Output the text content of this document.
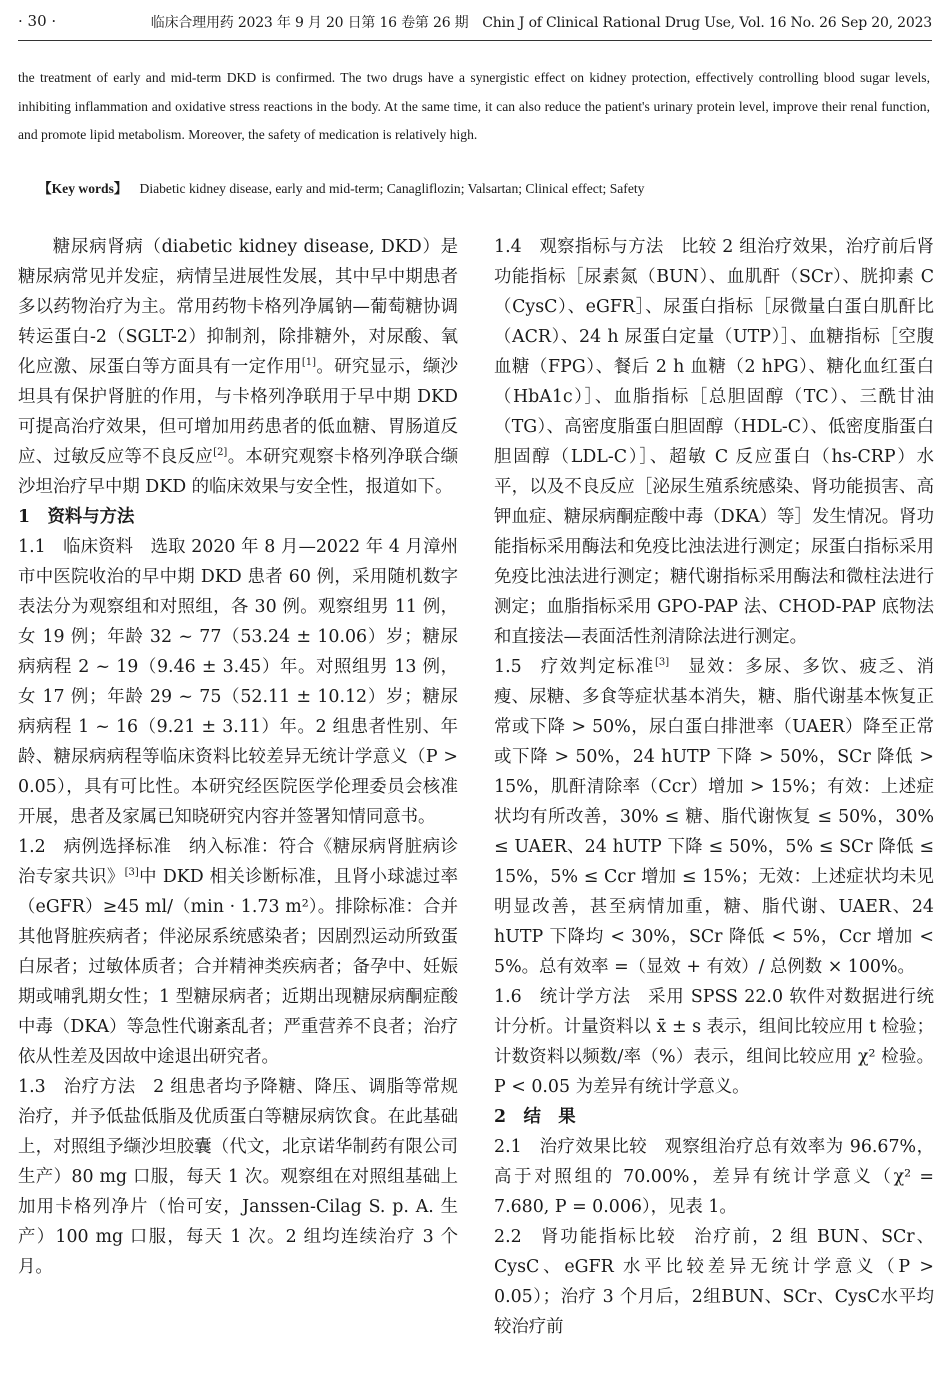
· 30 ·	临床合理用药 2023 年 9 月 20 日第 16 卷第 26 期　Chin J of Clinical Rational Drug Use, Vol. 16 No. 26 Sep 20, 2023
the treatment of early and mid-term DKD is confirmed. The two drugs have a synergistic effect on kidney protection, effectively controlling blood sugar levels, inhibiting inflammation and oxidative stress reactions in the body. At the same time, it can also reduce the patient's urinary protein level, improve their renal function, and promote lipid metabolism. Moreover, the safety of medication is relatively high.
【Key words】 Diabetic kidney disease, early and mid-term; Canagliflozin; Valsartan; Clinical effect; Safety

糖尿病肾病（diabetic kidney disease, DKD）是糖尿病常见并发症，病情呈进展性发展，其中早中期患者多以药物治疗为主。常用药物卡格列净属钠—葡萄糖协调转运蛋白-2（SGLT-2）抑制剂，除排糖外，对尿酸、氧化应激、尿蛋白等方面具有一定作用[1]。研究显示，缬沙坦具有保护肾脏的作用，与卡格列净联用于早中期 DKD 可提高治疗效果，但可增加用药患者的低血糖、胃肠道反应、过敏反应等不良反应[2]。本研究观察卡格列净联合缬沙坦治疗早中期 DKD 的临床效果与安全性，报道如下。

1　资料与方法

1.1 临床资料 选取 2020 年 8 月—2022 年 4 月漳州市中医院收治的早中期 DKD 患者 60 例，采用随机数字表法分为观察组和对照组，各 30 例。观察组男 11 例，女 19 例；年龄 32 ~ 77（53.24 ± 10.06）岁；糖尿病病程 2 ~ 19（9.46 ± 3.45）年。对照组男 13 例，女 17 例；年龄 29 ~ 75（52.11 ± 10.12）岁；糖尿病病程 1 ~ 16（9.21 ± 3.11）年。2 组患者性别、年龄、糖尿病病程等临床资料比较差异无统计学意义（P > 0.05），具有可比性。本研究经医院医学伦理委员会核准开展，患者及家属已知晓研究内容并签署知情同意书。

1.2 病例选择标准 纳入标准：符合《糖尿病肾脏病诊治专家共识》[3]中 DKD 相关诊断标准，且肾小球滤过率（eGFR）≥45 ml/（min · 1.73 m²）。排除标准：合并其他肾脏疾病者；伴泌尿系统感染者；因剧烈运动所致蛋白尿者；过敏体质者；合并精神类疾病者；备孕中、妊娠期或哺乳期女性；1 型糖尿病者；近期出现糖尿病酮症酸中毒（DKA）等急性代谢紊乱者；严重营养不良者；治疗依从性差及因故中途退出研究者。

1.3 治疗方法 2 组患者均予降糖、降压、调脂等常规治疗，并予低盐低脂及优质蛋白等糖尿病饮食。在此基础上，对照组予缬沙坦胶囊（代文，北京诺华制药有限公司生产）80 mg 口服，每天 1 次。观察组在对照组基础上加用卡格列净片（怡可安，Janssen-Cilag S. p. A. 生产）100 mg 口服，每天 1 次。2 组均连续治疗 3 个月。

1.4 观察指标与方法 比较 2 组治疗效果，治疗前后肾功能指标［尿素氮（BUN）、血肌酐（SCr）、胱抑素 C（CysC）、eGFR］、尿蛋白指标［尿微量白蛋白肌酐比（ACR）、24 h 尿蛋白定量（UTP）］、血糖指标［空腹血糖（FPG）、餐后 2 h 血糖（2 hPG）、糖化血红蛋白（HbA1c）］、血脂指标［总胆固醇（TC）、三酰甘油（TG）、高密度脂蛋白胆固醇（HDL-C）、低密度脂蛋白胆固醇（LDL-C）］、超敏 C 反应蛋白（hs-CRP）水平，以及不良反应［泌尿生殖系统感染、肾功能损害、高钾血症、糖尿病酮症酸中毒（DKA）等］发生情况。肾功能指标采用酶法和免疫比浊法进行测定；尿蛋白指标采用免疫比浊法进行测定；糖代谢指标采用酶法和微柱法进行测定；血脂指标采用 GPO-PAP 法、CHOD-PAP 底物法和直接法—表面活性剂清除法进行测定。

1.5 疗效判定标准[3] 显效：多尿、多饮、疲乏、消瘦、尿糖、多食等症状基本消失，糖、脂代谢基本恢复正常或下降 > 50%，尿白蛋白排泄率（UAER）降至正常或下降 > 50%，24 hUTP 下降 > 50%，SCr 降低 > 15%，肌酐清除率（Ccr）增加 > 15%；有效：上述症状均有所改善，30% ≤ 糖、脂代谢恢复 ≤ 50%，30% ≤ UAER、24 hUTP 下降 ≤ 50%，5% ≤ SCr 降低 ≤ 15%，5% ≤ Ccr 增加 ≤ 15%；无效：上述症状均未见明显改善，甚至病情加重，糖、脂代谢、UAER、24 hUTP 下降均 < 30%，SCr 降低 < 5%，Ccr 增加 < 5%。总有效率 =（显效 + 有效）/ 总例数 × 100%。

1.6 统计学方法 采用 SPSS 22.0 软件对数据进行统计分析。计量资料以 x̄ ± s 表示，组间比较应用 t 检验；计数资料以频数/率（%）表示，组间比较应用 χ² 检验。P < 0.05 为差异有统计学意义。

2　结　果

2.1 治疗效果比较 观察组治疗总有效率为 96.67%，高于对照组的 70.00%，差异有统计学意义（χ² = 7.680, P = 0.006），见表 1。

2.2 肾功能指标比较 治疗前，2 组 BUN、SCr、CysC、eGFR 水平比较差异无统计学意义（P > 0.05）；治疗 3 个月后，2组BUN、SCr、CysC水平均较治疗前
